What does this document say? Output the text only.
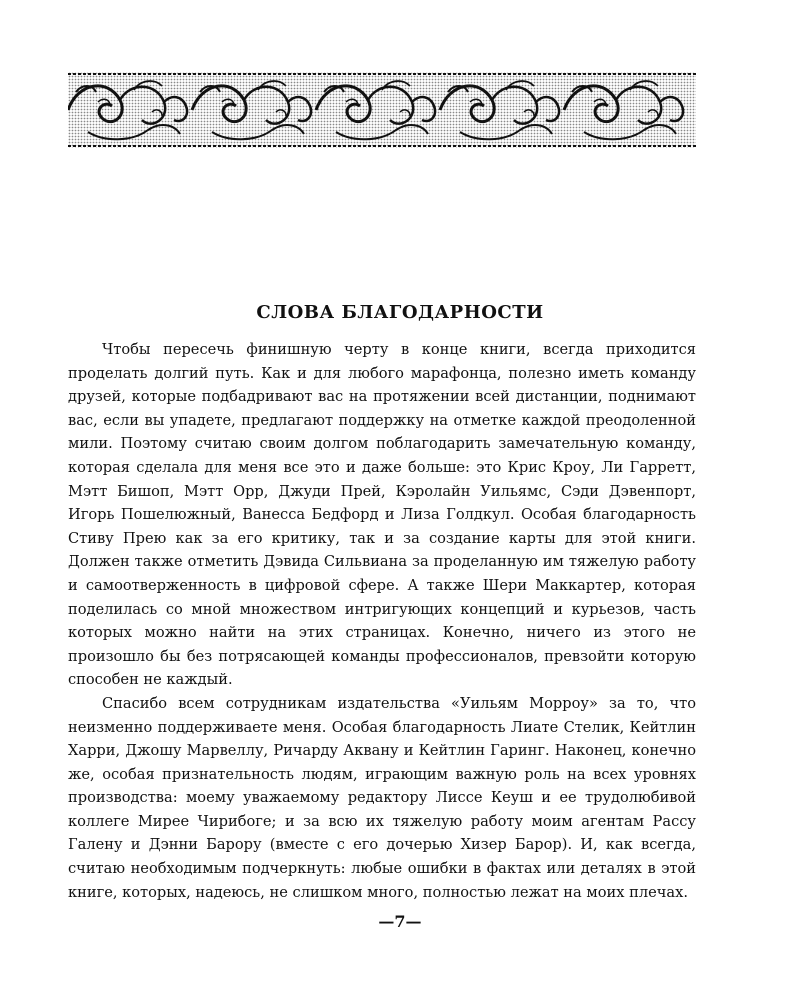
СЛОВА БЛАГОДАРНОСТИ

Чтобы пересечь финишную черту в конце книги, всегда приходится проделать долгий путь. Как и для любого марафонца, полезно иметь команду друзей, которые подбадривают вас на протяжении всей дистанции, поднимают вас, если вы упадете, предлагают поддержку на отметке каждой преодоленной мили. Поэтому считаю своим долгом поблагодарить замечательную команду, которая сделала для меня все это и даже больше: это Крис Кроу, Ли Гарретт, Мэтт Бишоп, Мэтт Орр, Джуди Прей, Кэролайн Уильямс, Сэди Дэвенпорт, Игорь Пошелюжный, Ванесса Бедфорд и Лиза Голдкул. Особая благодарность Стиву Прею как за его критику, так и за создание карты для этой книги. Должен также отметить Дэвида Сильвиана за проделанную им тяжелую работу и самоотверженность в цифровой сфере. А также Шери Маккартер, которая поделилась со мной множеством интригующих концепций и курьезов, часть которых можно найти на этих страницах. Конечно, ничего из этого не произошло бы без потрясающей команды профессионалов, превзойти которую способен не каждый.

Спасибо всем сотрудникам издательства «Уильям Морроу» за то, что неизменно поддерживаете меня. Особая благодарность Лиате Стелик, Кейтлин Харри, Джошу Марвеллу, Ричарду Аквану и Кейтлин Гаринг. Наконец, конечно же, особая признательность людям, играющим важную роль на всех уровнях производства: моему уважаемому редактору Лиссе Кеуш и ее трудолюбивой коллеге Мирее Чирибоге; и за всю их тяжелую работу моим агентам Рассу Галену и Дэнни Барору (вместе с его дочерью Хизер Барор). И, как всегда, считаю необходимым подчеркнуть: любые ошибки в фактах или деталях в этой книге, которых, надеюсь, не слишком много, полностью лежат на моих плечах.

—7—
